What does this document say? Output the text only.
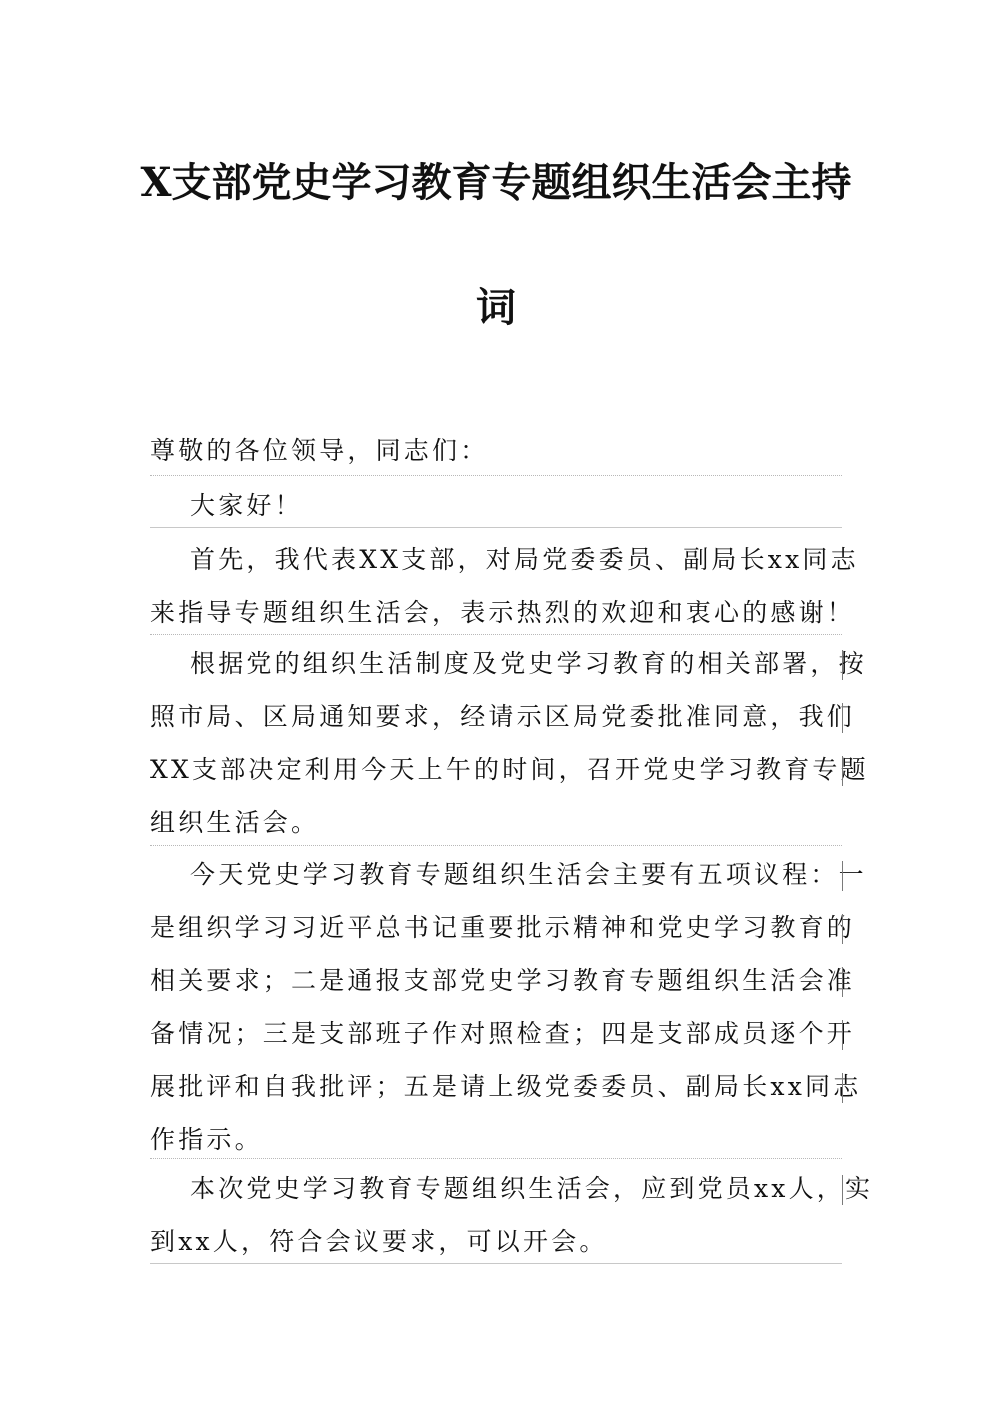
X支部党史学习教育专题组织生活会主持
词
尊敬的各位领导，同志们：
大家好！
首先，我代表XX支部，对局党委委员、副局长xx同志
来指导专题组织生活会，表示热烈的欢迎和衷心的感谢！
根据党的组织生活制度及党史学习教育的相关部署，按
照市局、区局通知要求，经请示区局党委批准同意，我们
XX支部决定利用今天上午的时间，召开党史学习教育专题
组织生活会。
今天党史学习教育专题组织生活会主要有五项议程：一
是组织学习习近平总书记重要批示精神和党史学习教育的
相关要求；二是通报支部党史学习教育专题组织生活会准
备情况；三是支部班子作对照检查；四是支部成员逐个开
展批评和自我批评；五是请上级党委委员、副局长xx同志
作指示。
本次党史学习教育专题组织生活会，应到党员xx人，实
到xx人，符合会议要求，可以开会。
